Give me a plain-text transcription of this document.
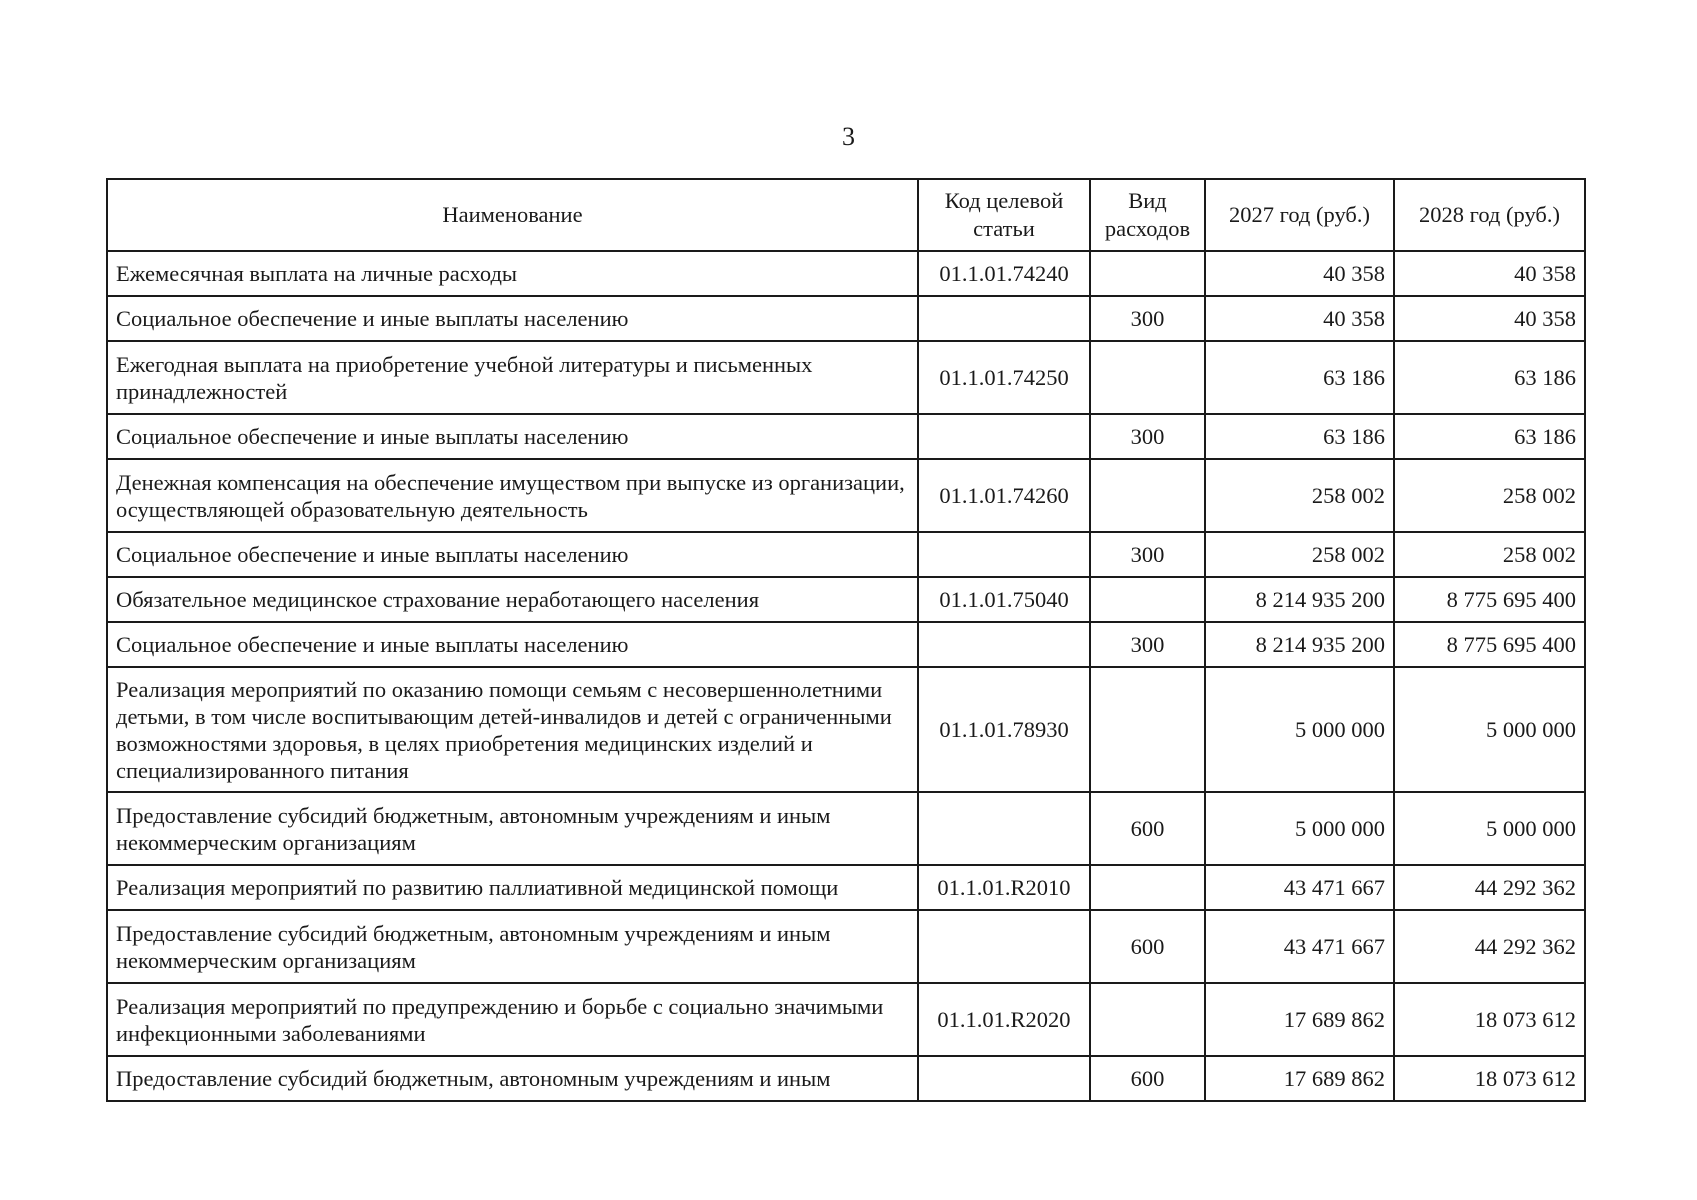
3
Наименование	Код целевой статьи	Вид расходов	2027 год (руб.)	2028 год (руб.)
Ежемесячная выплата на личные расходы	01.1.01.74240		40 358	40 358
Социальное обеспечение и иные выплаты населению		300	40 358	40 358
Ежегодная выплата на приобретение учебной литературы и письменных принадлежностей	01.1.01.74250		63 186	63 186
Социальное обеспечение и иные выплаты населению		300	63 186	63 186
Денежная компенсация на обеспечение имуществом при выпуске из организации, осуществляющей образовательную деятельность	01.1.01.74260		258 002	258 002
Социальное обеспечение и иные выплаты населению		300	258 002	258 002
Обязательное медицинское страхование неработающего населения	01.1.01.75040		8 214 935 200	8 775 695 400
Социальное обеспечение и иные выплаты населению		300	8 214 935 200	8 775 695 400
Реализация мероприятий по оказанию помощи семьям с несовершеннолетними детьми, в том числе воспитывающим детей-инвалидов и детей с ограниченными возможностями здоровья, в целях приобретения медицинских изделий и специализированного питания	01.1.01.78930		5 000 000	5 000 000
Предоставление субсидий бюджетным, автономным учреждениям и иным некоммерческим организациям		600	5 000 000	5 000 000
Реализация мероприятий по развитию паллиативной медицинской помощи	01.1.01.R2010		43 471 667	44 292 362
Предоставление субсидий бюджетным, автономным учреждениям и иным некоммерческим организациям		600	43 471 667	44 292 362
Реализация мероприятий по предупреждению и борьбе с социально значимыми инфекционными заболеваниями	01.1.01.R2020		17 689 862	18 073 612
Предоставление субсидий бюджетным, автономным учреждениям и иным		600	17 689 862	18 073 612
